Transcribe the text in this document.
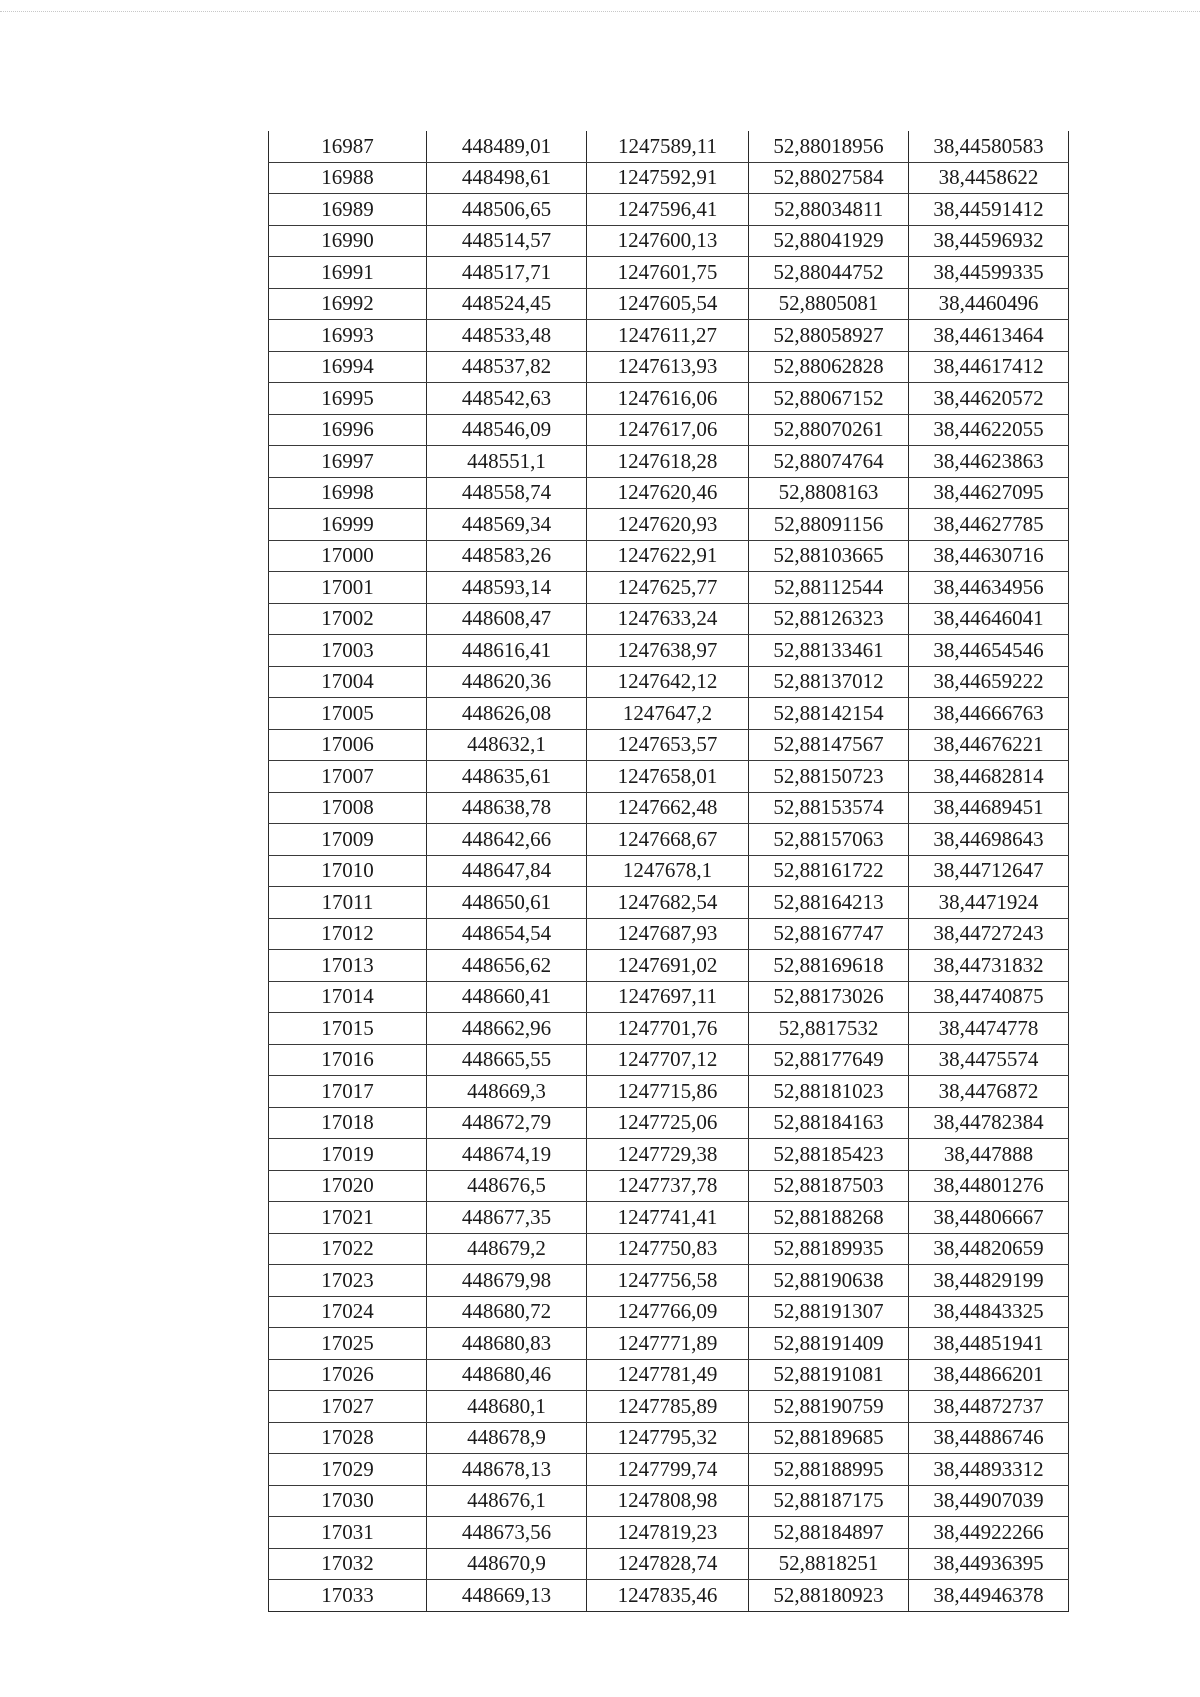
16987	448489,01	1247589,11	52,88018956	38,44580583
16988	448498,61	1247592,91	52,88027584	38,4458622
16989	448506,65	1247596,41	52,88034811	38,44591412
16990	448514,57	1247600,13	52,88041929	38,44596932
16991	448517,71	1247601,75	52,88044752	38,44599335
16992	448524,45	1247605,54	52,8805081	38,4460496
16993	448533,48	1247611,27	52,88058927	38,44613464
16994	448537,82	1247613,93	52,88062828	38,44617412
16995	448542,63	1247616,06	52,88067152	38,44620572
16996	448546,09	1247617,06	52,88070261	38,44622055
16997	448551,1	1247618,28	52,88074764	38,44623863
16998	448558,74	1247620,46	52,8808163	38,44627095
16999	448569,34	1247620,93	52,88091156	38,44627785
17000	448583,26	1247622,91	52,88103665	38,44630716
17001	448593,14	1247625,77	52,88112544	38,44634956
17002	448608,47	1247633,24	52,88126323	38,44646041
17003	448616,41	1247638,97	52,88133461	38,44654546
17004	448620,36	1247642,12	52,88137012	38,44659222
17005	448626,08	1247647,2	52,88142154	38,44666763
17006	448632,1	1247653,57	52,88147567	38,44676221
17007	448635,61	1247658,01	52,88150723	38,44682814
17008	448638,78	1247662,48	52,88153574	38,44689451
17009	448642,66	1247668,67	52,88157063	38,44698643
17010	448647,84	1247678,1	52,88161722	38,44712647
17011	448650,61	1247682,54	52,88164213	38,4471924
17012	448654,54	1247687,93	52,88167747	38,44727243
17013	448656,62	1247691,02	52,88169618	38,44731832
17014	448660,41	1247697,11	52,88173026	38,44740875
17015	448662,96	1247701,76	52,8817532	38,4474778
17016	448665,55	1247707,12	52,88177649	38,4475574
17017	448669,3	1247715,86	52,88181023	38,4476872
17018	448672,79	1247725,06	52,88184163	38,44782384
17019	448674,19	1247729,38	52,88185423	38,447888
17020	448676,5	1247737,78	52,88187503	38,44801276
17021	448677,35	1247741,41	52,88188268	38,44806667
17022	448679,2	1247750,83	52,88189935	38,44820659
17023	448679,98	1247756,58	52,88190638	38,44829199
17024	448680,72	1247766,09	52,88191307	38,44843325
17025	448680,83	1247771,89	52,88191409	38,44851941
17026	448680,46	1247781,49	52,88191081	38,44866201
17027	448680,1	1247785,89	52,88190759	38,44872737
17028	448678,9	1247795,32	52,88189685	38,44886746
17029	448678,13	1247799,74	52,88188995	38,44893312
17030	448676,1	1247808,98	52,88187175	38,44907039
17031	448673,56	1247819,23	52,88184897	38,44922266
17032	448670,9	1247828,74	52,8818251	38,44936395
17033	448669,13	1247835,46	52,88180923	38,44946378
